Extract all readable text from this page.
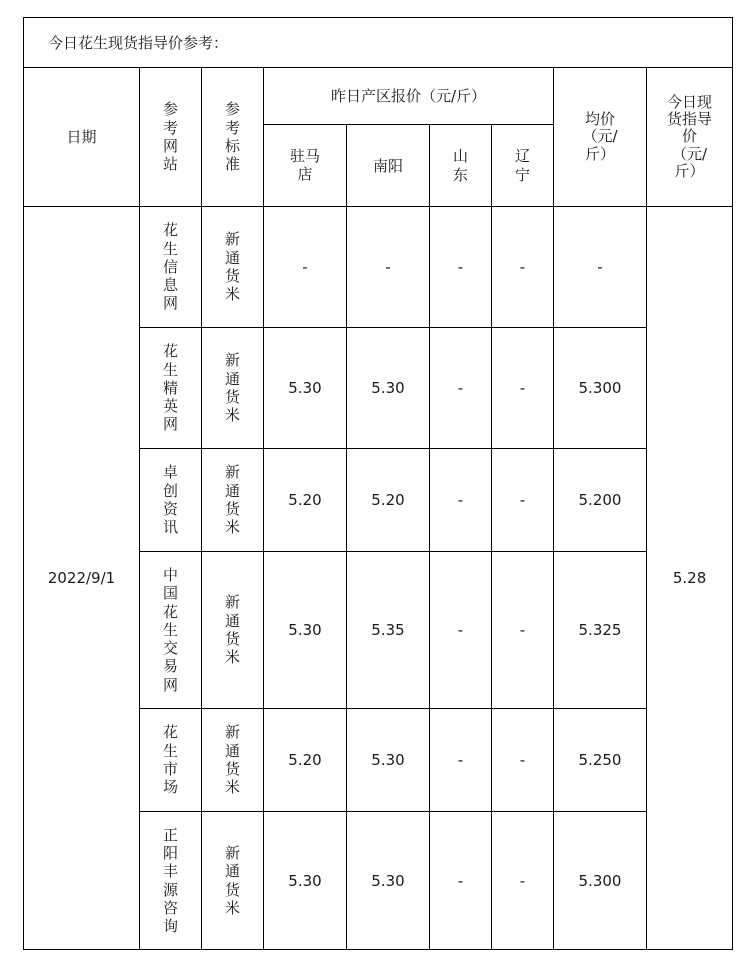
今日花生现货指导价参考：								
日期	参考网站	参考标准	昨日产区报价（元/斤）				均价（元/斤）	今日现货指导价（元/斤）
			驻马店	南阳	山东	辽宁		
2022/9/1	花生信息网	新通货米	-	-	-	-	-	5.28
	花生精英网	新通货米	5.30	5.30	-	-	5.300	
	卓创资讯	新通货米	5.20	5.20	-	-	5.200	
	中国花生交易网	新通货米	5.30	5.35	-	-	5.325	
	花生市场	新通货米	5.20	5.30	-	-	5.250	
	正阳丰源咨询	新通货米	5.30	5.30	-	-	5.300	
